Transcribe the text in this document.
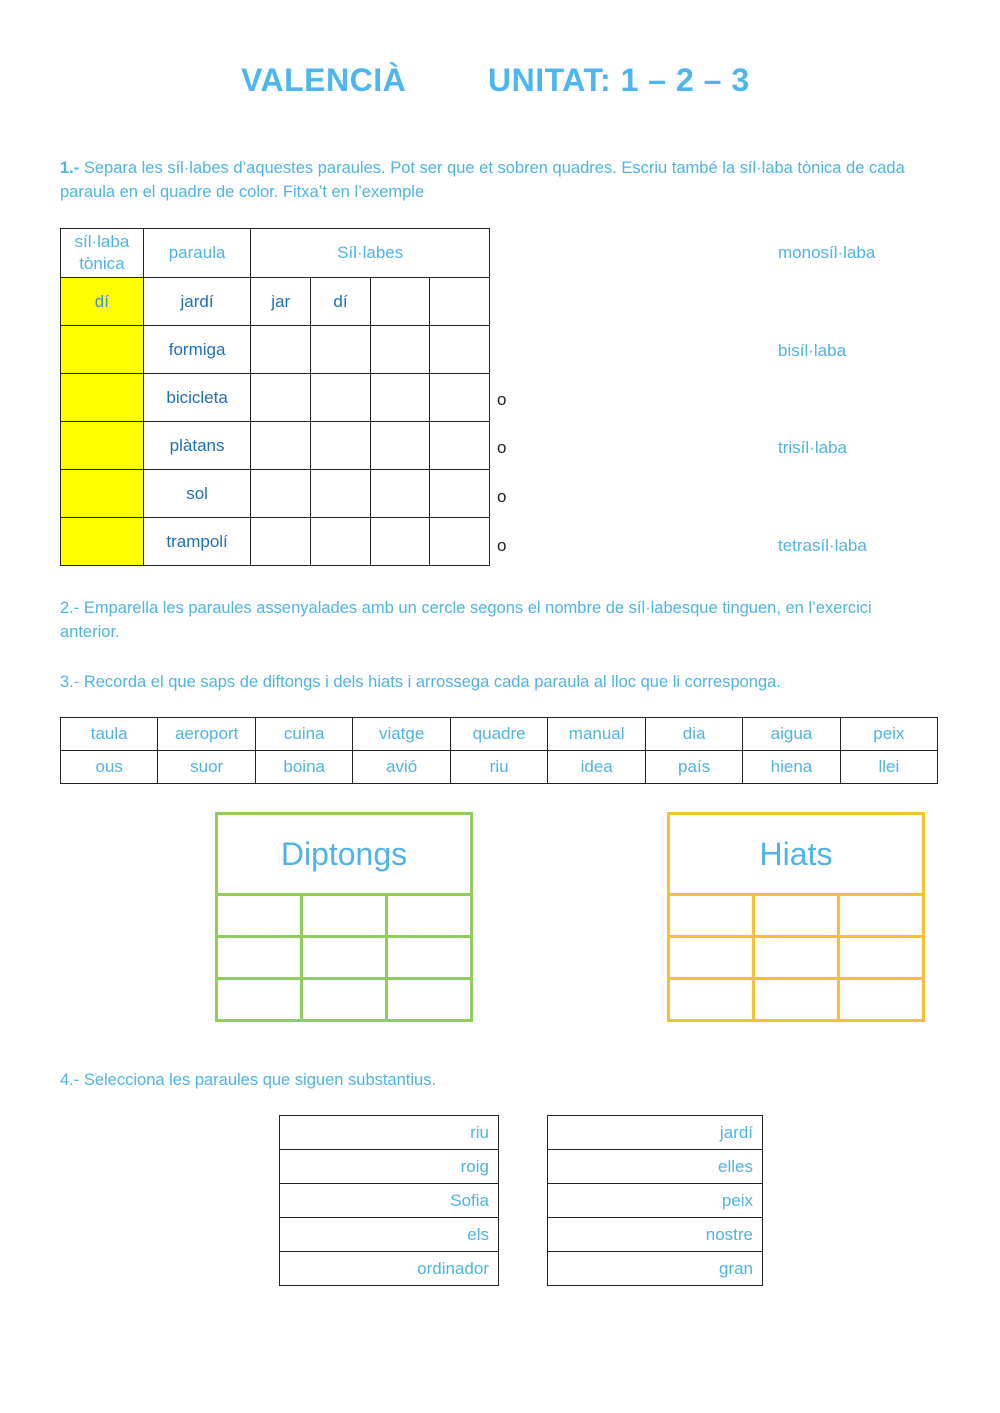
VALENCIÀ	UNITAT: 1 – 2 – 3
1.- Separa les síl·labes d’aquestes paraules. Pot ser que et sobren quadres. Escriu també la síl·laba tònica de cada paraula en el quadre de color. Fitxa’t en l’exemple
síl·laba tònica	paraula	Síl·labes			
dí	jardí	jar	dí		
	formiga				
	bicicleta				
	plàtans				
	sol				
	trampolí				
o
o
o
o
monosíl·laba
bisíl·laba
trisíl·laba
tetrasíl·laba
2.- Emparella les paraules assenyalades amb un cercle segons el nombre de síl·labesque tinguen, en l’exercici anterior.
3.- Recorda el que saps de diftongs i dels hiats i arrossega cada paraula al lloc que li corresponga.
taula	aeroport	cuina	viatge	quadre	manual	dia	aigua	peix
ous	suor	boina	avió	riu	idea	país	hiena	llei
Diptongs		

			Hiats		

4.- Selecciona les paraules que siguen substantius.
riu
roig
Sofia
els
ordinador
jardí
elles
peix
nostre
gran
